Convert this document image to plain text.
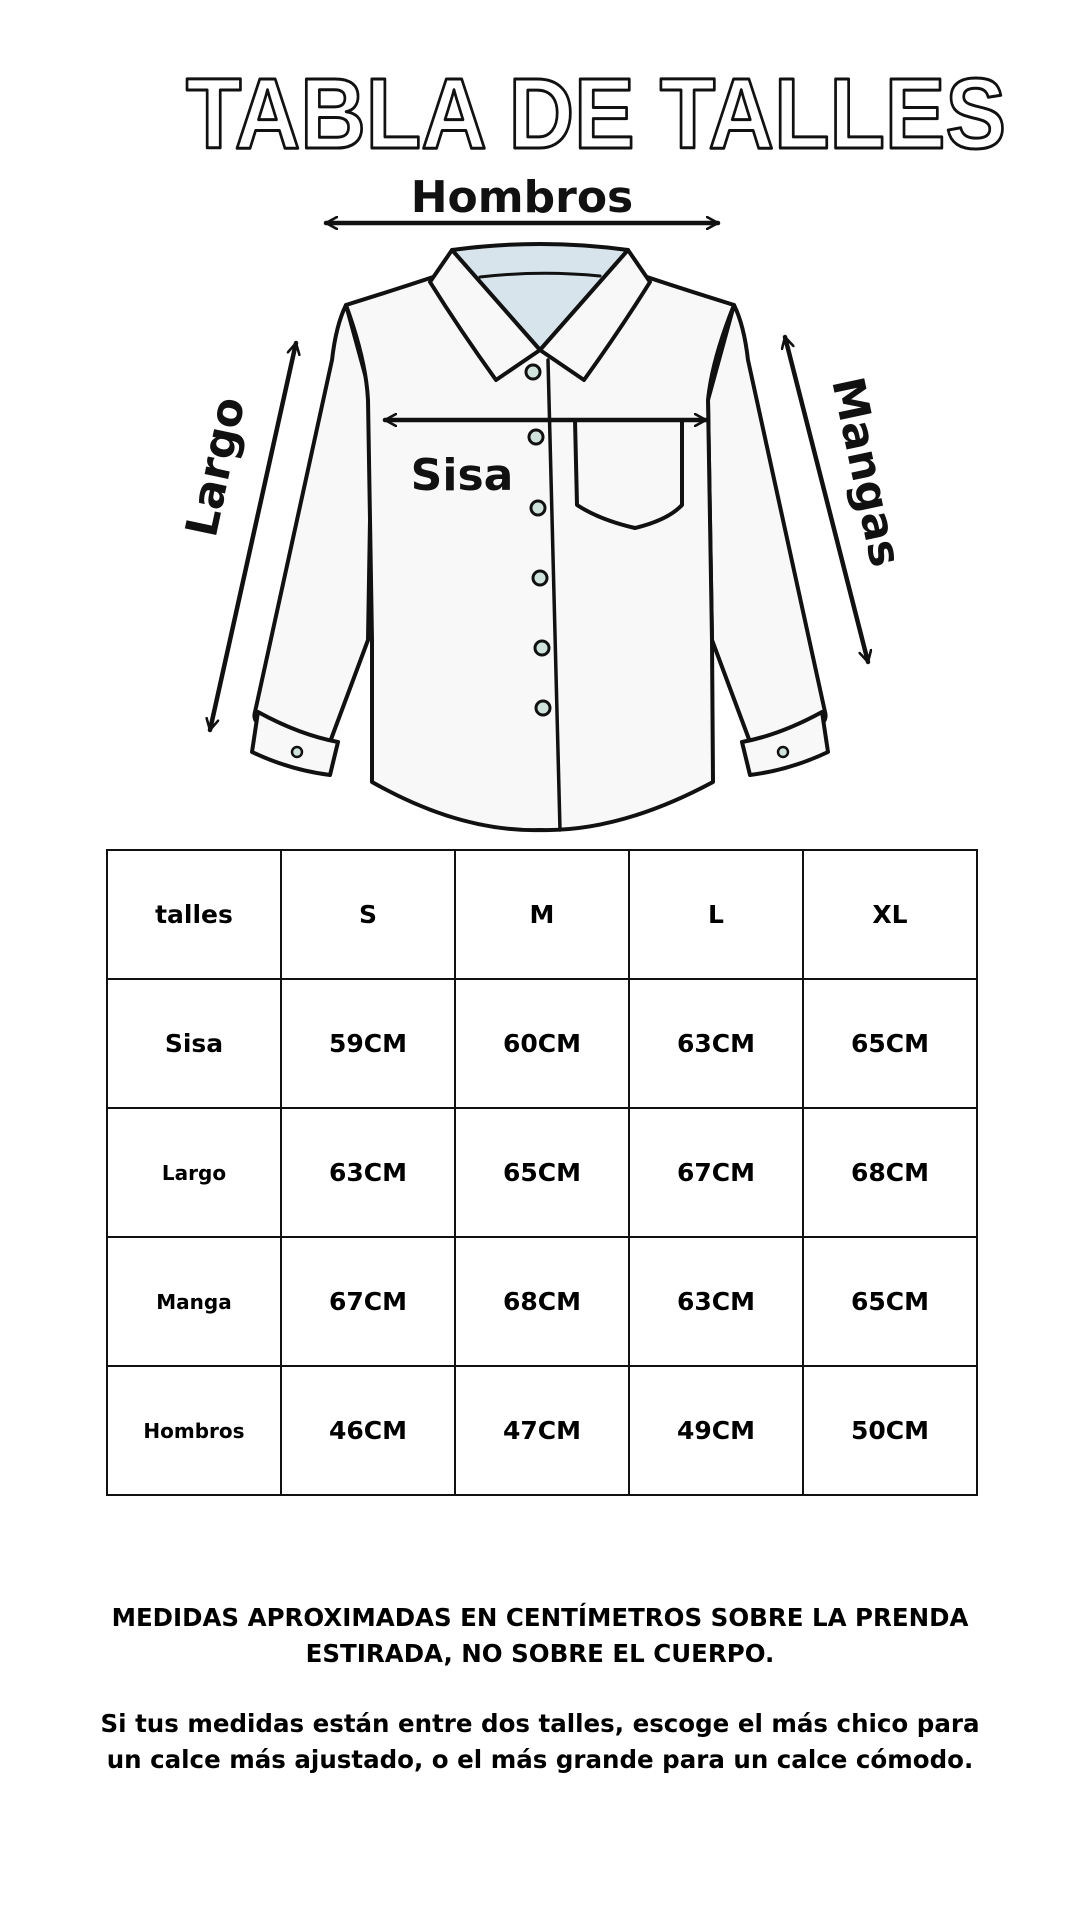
TABLA DE TALLES
Hombros
Sisa
Largo	Mangas
talles	S	M	L	XL
Sisa	59CM	60CM	63CM	65CM
Largo	63CM	65CM	67CM	68CM
Manga	67CM	68CM	63CM	65CM
Hombros	46CM	47CM	49CM	50CM

MEDIDAS APROXIMADAS EN CENTÍMETROS SOBRE LA PRENDA ESTIRADA, NO SOBRE EL CUERPO.

Si tus medidas están entre dos talles, escoge el más chico para un calce más ajustado, o el más grande para un calce cómodo.
